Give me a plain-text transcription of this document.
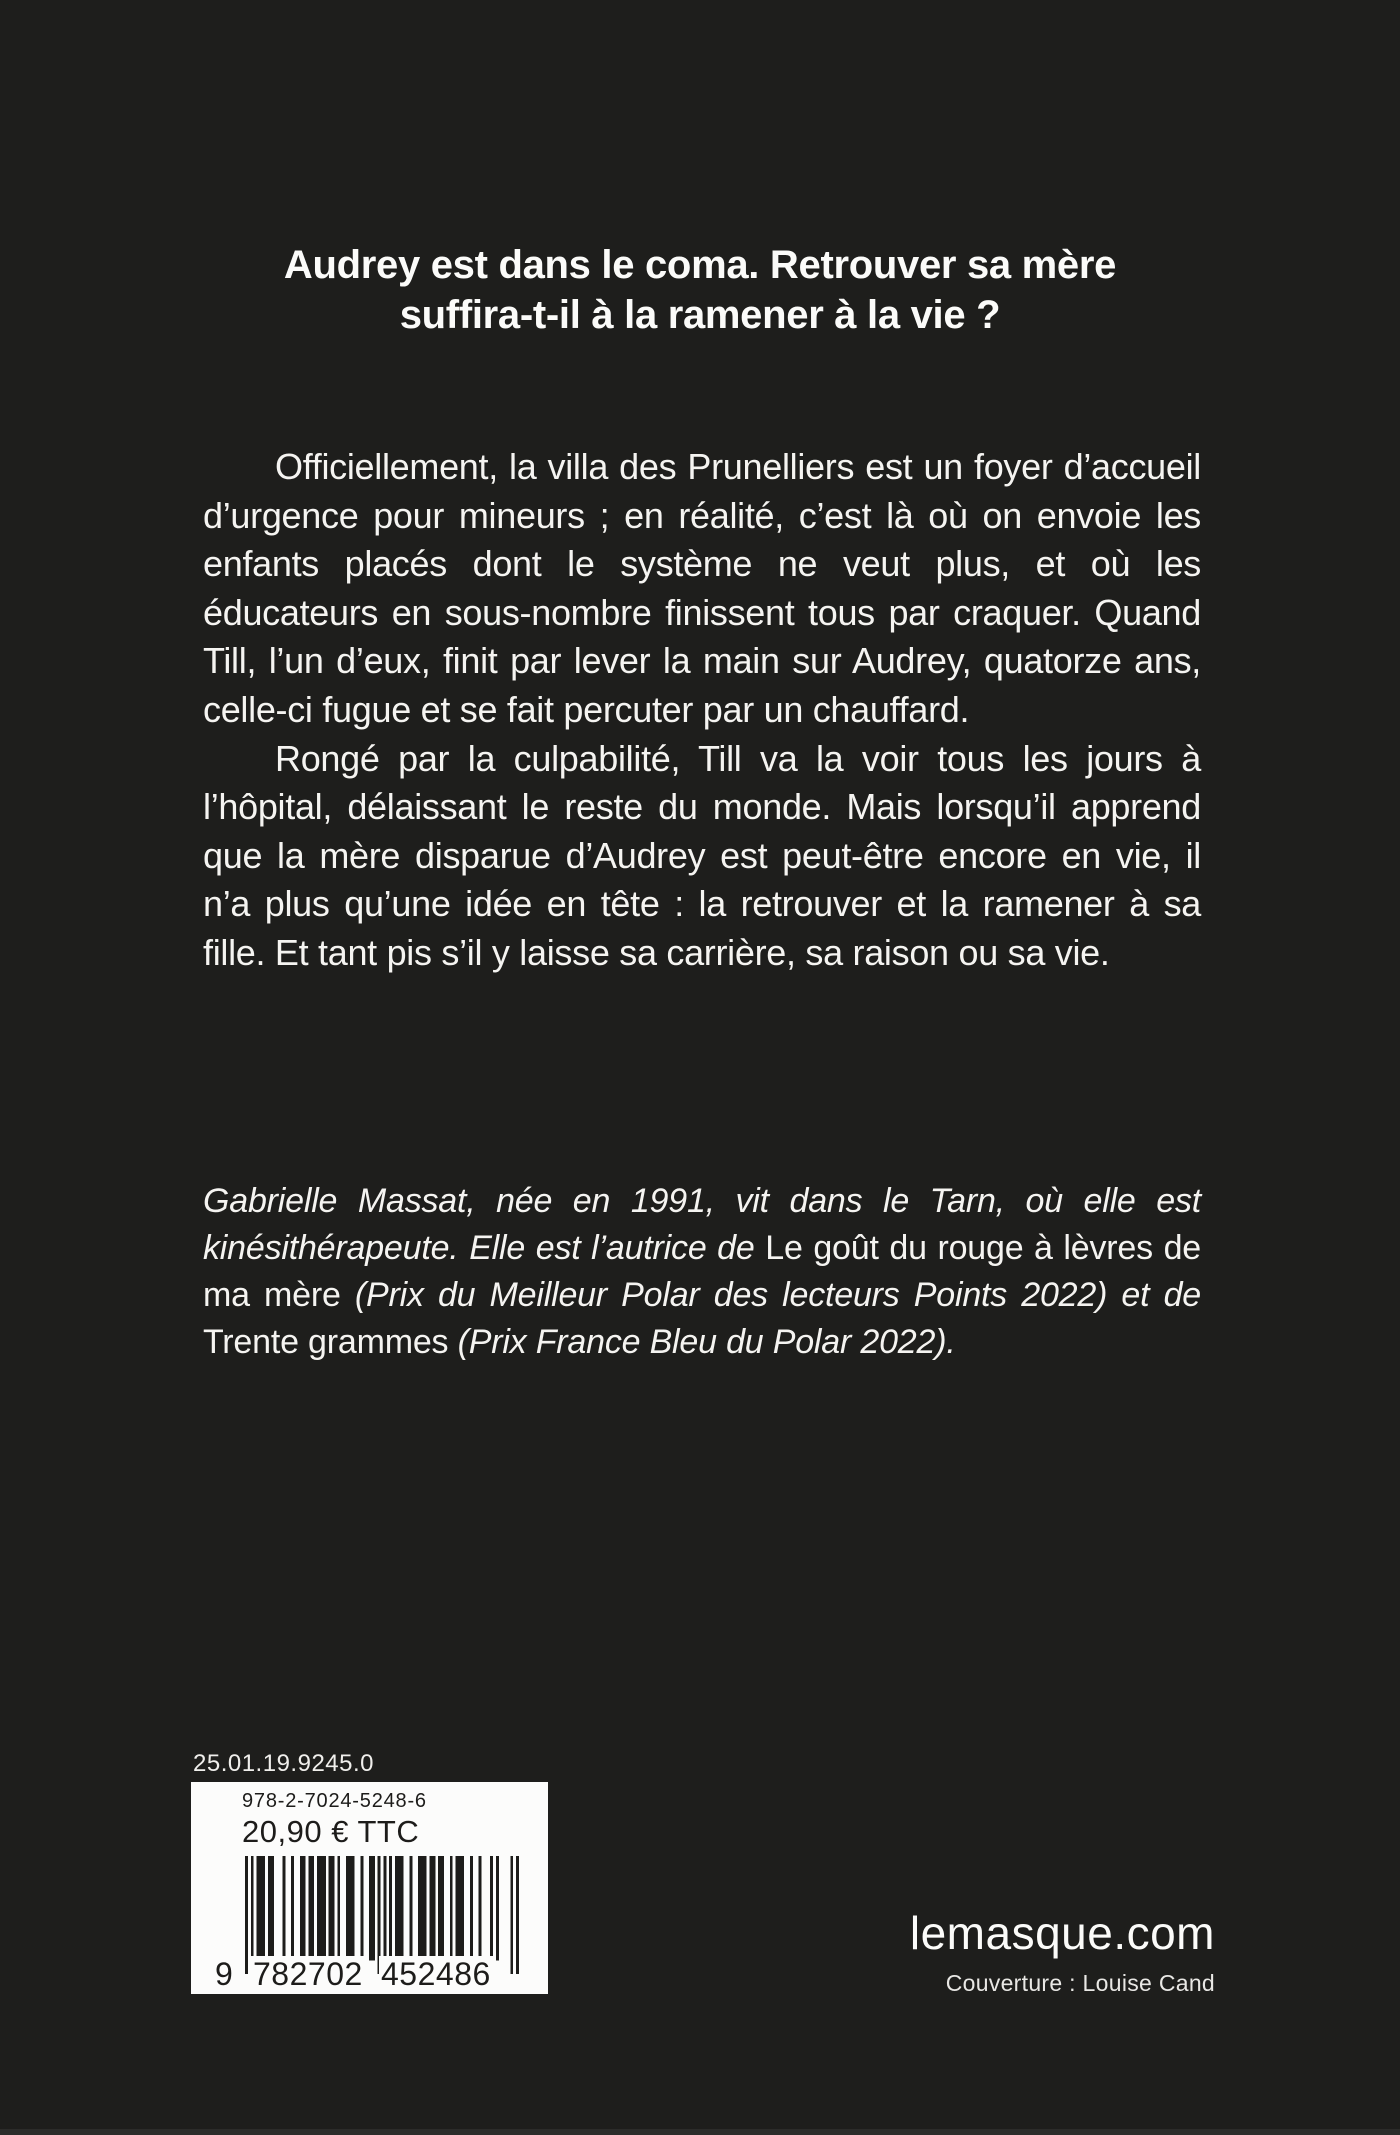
Audrey est dans le coma. Retrouver sa mère
suffira-t-il à la ramener à la vie ?

Officiellement, la villa des Prunelliers est un foyer d’accueil d’urgence pour mineurs ; en réalité, c’est là où on envoie les enfants placés dont le système ne veut plus, et où les éducateurs en sous-nombre finissent tous par craquer. Quand Till, l’un d’eux, finit par lever la main sur Audrey, quatorze ans, celle-ci fugue et se fait percuter par un chauffard.

Rongé par la culpabilité, Till va la voir tous les jours à l’hôpital, délaissant le reste du monde. Mais lorsqu’il apprend que la mère disparue d’Audrey est peut-être encore en vie, il n’a plus qu’une idée en tête : la retrouver et la ramener à sa fille. Et tant pis s’il y laisse sa carrière, sa raison ou sa vie.

Gabrielle Massat, née en 1991, vit dans le Tarn, où elle est kinésithérapeute. Elle est l’autrice de Le goût du rouge à lèvres de ma mère (Prix du Meilleur Polar des lecteurs Points 2022) et de Trente grammes (Prix France Bleu du Polar 2022).
25.01.19.9245.0
978-2-7024-5248-6
20,90 € TTC
9 782702 452486
lemasque.com
Couverture : Louise Cand
